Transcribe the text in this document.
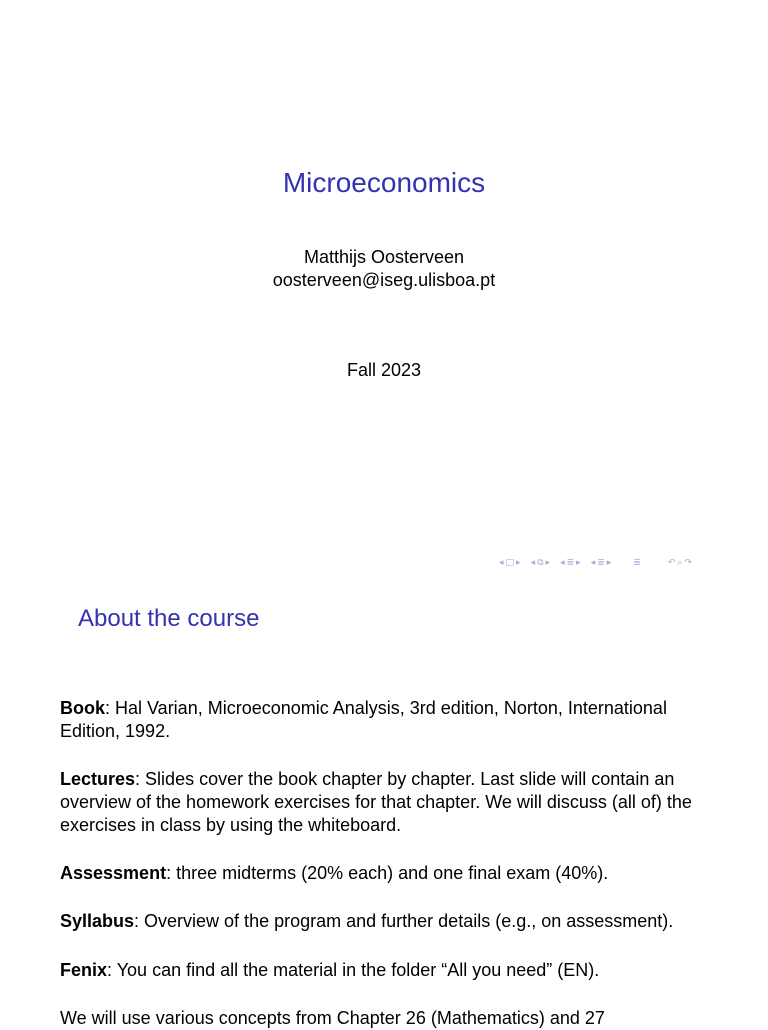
Microeconomics
Matthijs Oosterveen
oosterveen@iseg.ulisboa.pt
Fall 2023
◂ □ ▸ ◂ ⧉ ▸ ◂ ≣ ▸ ◂ ≣ ▸ ≣	↶ ⌕ ↷
About the course
Book: Hal Varian, Microeconomic Analysis, 3rd edition, Norton, International Edition, 1992.
Lectures: Slides cover the book chapter by chapter. Last slide will contain an overview of the homework exercises for that chapter. We will discuss (all of) the exercises in class by using the whiteboard.
Assessment: three midterms (20% each) and one final exam (40%).
Syllabus: Overview of the program and further details (e.g., on assessment).
Fenix: You can find all the material in the folder “All you need” (EN).
We will use various concepts from Chapter 26 (Mathematics) and 27
